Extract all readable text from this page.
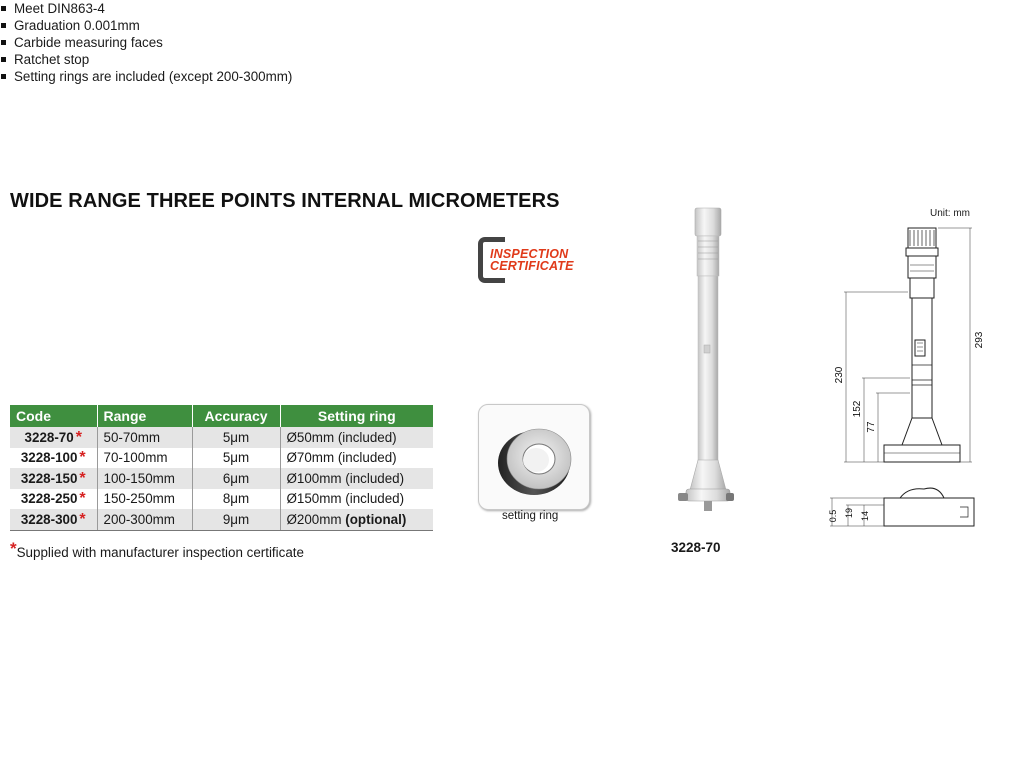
WIDE RANGE THREE POINTS INTERNAL MICROMETERS
Meet DIN863-4
Graduation 0.001mm
Carbide measuring faces
Ratchet stop
Setting rings are included (except 200-300mm)
INSPECTION
CERTIFICATE
Code	Range	Accuracy	Setting ring
3228-70 *	50-70mm	5μm	Ø50mm (included)
3228-100 *	70-100mm	5μm	Ø70mm (included)
3228-150 *	100-150mm	6μm	Ø100mm (included)
3228-250 *	150-250mm	8μm	Ø150mm (included)
3228-300 *	200-300mm	9μm	Ø200mm (optional)
*Supplied with manufacturer inspection certificate
setting ring
3228-70
Unit: mm
293
230
152
77
0.5 19 14
